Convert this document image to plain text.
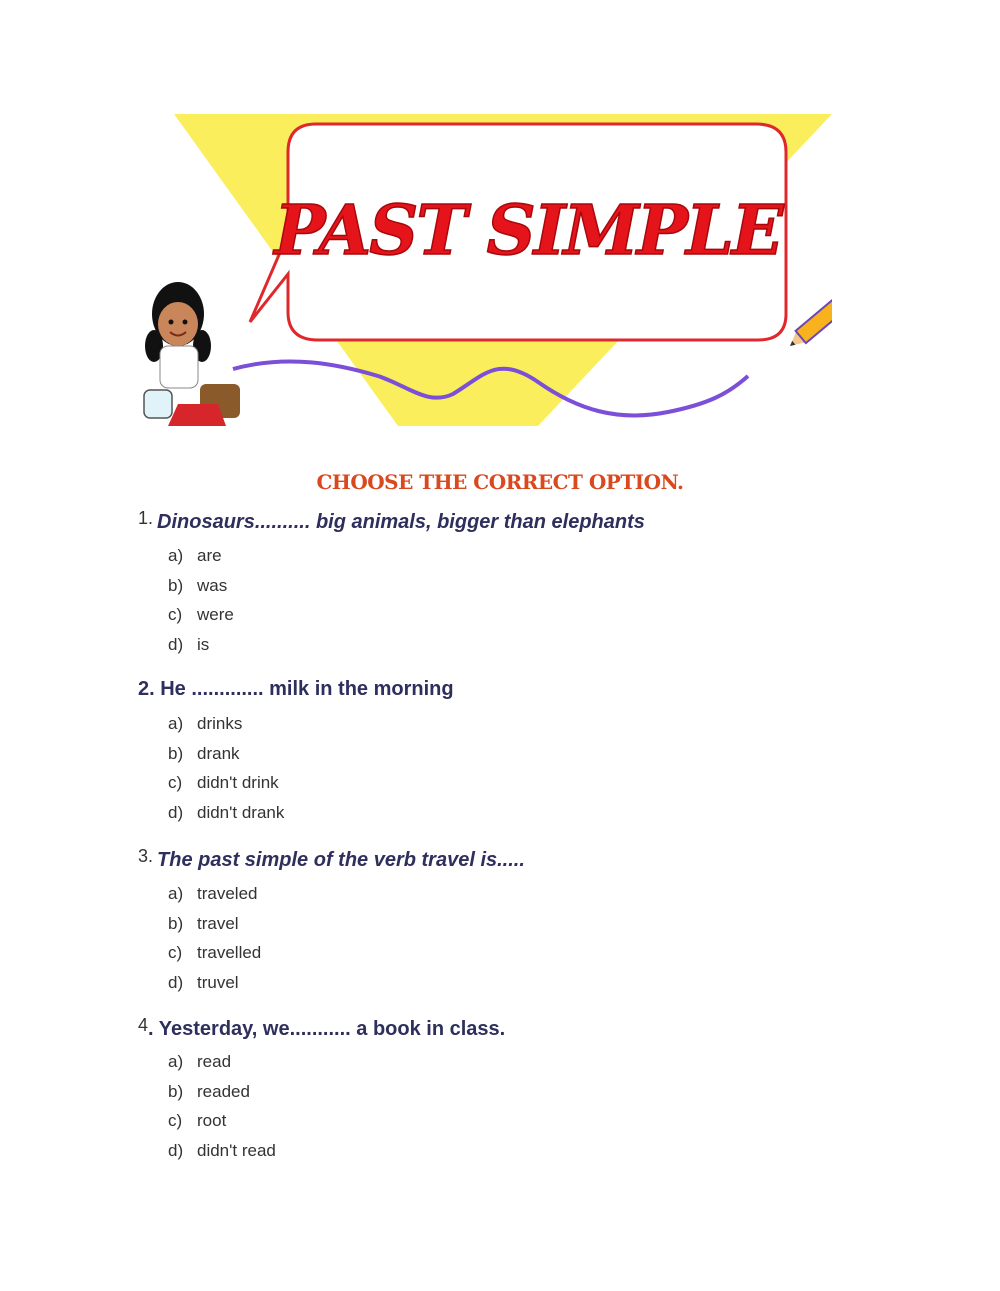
PAST SIMPLE
CHOOSE THE CORRECT OPTION.
1. Dinosaurs.......... big animals, bigger than elephants
a) are
b) was
c) were
d) is
2. He ............. milk in the morning
a) drinks
b) drank
c) didn't drink
d) didn't drank
3. The past simple of the verb travel is.....
a) traveled
b) travel
c) travelled
d) truvel
4. Yesterday, we........... a book in class.
a) read
b) readed
c) root
d) didn't read
